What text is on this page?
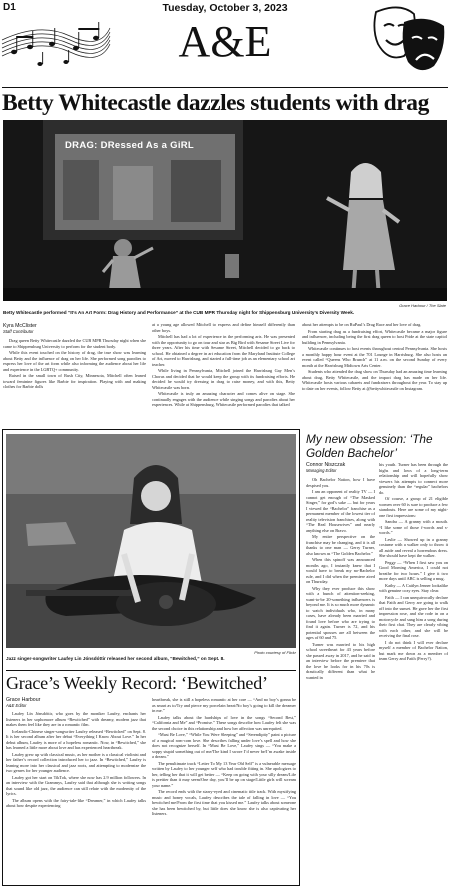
D1	Tuesday, October 3, 2023
A&E
Betty Whitecastle dazzles students with drag
DRAG: DRessed As a GiRL
Grace Harbour / The Slate
Betty Whitecastle performed “It’s An Art Form: Drag History and Performance” at the CUB MPR Thursday night for Shippensburg University’s Diversity Week.
Kyra McClister
Staff Contributor

Drag queen Betty Whitecastle dazzled the CUB MPR Thursday night when she came to Shippensburg University to perform for the student body.

While this event touched on the history of drag, the true show was learning about Betty and the influence of drag on her life. She performed song parodies to express her love of the art form while also informing the audience about her life and experience in the LGBTQ+ community.

Raised in the small town of Rush City, Minnesota, Mitchell often leaned toward feminine figures like Barbie for inspiration. Playing with and making clothes for Barbie dolls

at a young age allowed Mitchell to express and define himself differently than other boys.

Mitchell has had a lot of experience in the performing arts. He was presented with the opportunity to go on tour and star as Big Bird with Sesame Street Live for three years. After his time with Sesame Street, Mitchell decided to go back to school. He obtained a degree in art education from the Maryland Institute College of Art, moved to Harrisburg, and started a full-time job as an elementary school art teacher.

While living in Pennsylvania, Mitchell joined the Harrisburg Gay Men’s Chorus and decided that he would keep the group with its fundraising efforts. He decided he would try dressing in drag to raise money, and with this, Betty Whitecastle was born.

Whitecastle is truly an amazing character and comes alive on stage. She continually engages with the audience while singing songs and parodies about her experiences. While at Shippensburg, Whitecastle performed parodies that talked

about her attempts to be on RuPaul’s Drag Race and her love of drag.

From starting drag as a fundraising effort, Whitecastle became a major figure and influencer, including being the first drag queen to host Pride at the state capitol building in Pennsylvania.

Whitecastle continues to host events throughout central Pennsylvania. She hosts a monthly happy hour event at the 701 Lounge in Harrisburg. She also hosts an event called “Queens Who Brunch” at 11 a.m. on the second Sunday of every month at the Harrisburg Midtown Arts Center.

Students who attended the drag show on Thursday had an amazing time learning about drag, Betty Whitecastle, and the impact drag has made on her life. Whitecastle hosts various cabarets and fundraisers throughout the year. To stay up to date on her events, follow Betty at @bettywhitecastle on Instagram.

Photo courtesy of Flickr
Jazz singer-songwriter Laufey Lin Jónsdóttir released her second album, “Bewitched,” on Sept. 8.
Grace’s Weekly Record: ‘Bewitched’
Grace Harbour
A&E Editor

Laufey Lín Jónsdóttir, who goes by the moniker Laufey, enchants her listeners in her sophomore album “Bewitched” with dreamy, modern jazz that makes them feel like they are in a romantic film.

Icelandic-Chinese singer-songwriter Laufey released “Bewitched” on Sept. 8. It is her second album after her debut “Everything I Know About Love.” In her debut album, Laufey is more of a hopeless romantic. Now, in “Bewitched,” she has learned a little more about love and has experienced heartbreak.

Laufey grew up with classical music, as her mother is a classical violinist and her father’s record collection introduced her to jazz. In “Bewitched,” Laufey is leaning more into her classical and jazz roots, and attempting to modernize the two genres for her younger audience.

Laufey got her start on TikTok, where she now has 2.9 million followers. In an interview with the Grammys, Laufey said that although she is writing songs that sound like old jazz, the audience can still relate with the modernity of the lyrics.

The album opens with the fairy-tale-like “Dreamer,” in which Laufey talks about how despite experiencing

heartbreak, she is still a hopeless romantic at her core — “And no boy’s gonna be as smart as to/Try and pierce my porcelain heart/No boy’s going to kill the dreamer in me.”

Laufey talks about the hardships of love in the songs “Second Best,” “California and Me” and “Promise.” These songs describe how Laufey felt she was the second choice in this relationship and how her affection was unrequited.

“Must Be Love,” “While You Were Sleeping” and “Serendipity” paint a picture of a magical rom-com love. She describes falling under love’s spell and how she does not recognize herself. In “Must Be Love,” Laufey sings — “You make a soppy stupid something out of me/The kind I swore I’d never be/I’m awake inside a dream.”

The penultimate track “Letter To My 13 Year Old Self” is a vulnerable message written by Laufey to her younger self who had trouble fitting in. She apologizes to her, telling her that it will get better — “Keep on going with your silly dream/Life is prettier than it may seem/One day, you’ll be up on stage/Little girls will scream your name.”

The record ends with the starry-eyed and cinematic title track. With mystifying music and honey vocals, Laufey describes the tale of falling in love — “You bewitched me/From the first time that you kissed me.” Laufey talks about someone she has been bewitched by, but little does she know she is also captivating her listeners.

My new obsession: ‘The Golden Bachelor’
Connor Niszczak
Managing Editor

Oh Bachelor Nation, how I have despised you.

I am an opponent of reality TV — I cannot get enough of “The Masked Singer,” for god’s sake — but for years I viewed the “Bachelor” franchise as a permanent member of the lowest tier of reality television franchises, along with “The Real Housewives” and nearly anything else on Bravo.

My entire perspective on the franchise may be changing, and it is all thanks to one man — Gerry Turner, also known as “The Golden Bachelor.”

When this spinoff was announced months ago, I instantly knew that I would have to break my no-Bachelor rule, and I did when the premiere aired on Thursday.

Why they ever produce this show with a bunch of attention-seeking, want-to-be 20-something influencers is beyond me. It is so much more dynamic to watch individuals who, in many cases, have already been married and found love before who are trying to find it again. Turner is 72, and his potential spouses are all between the ages of 60 and 75.

Turner was married to his high school sweetheart for 43 years before she passed away in 2017, and he said in an interview before the premiere that the love he looks for in his 70s is drastically different than what he wanted in

his youth. Turner has been through the highs and lows of a long-term relationship and will hopefully show viewers his attempts to connect more genuinely than the “regular” bachelors do.

Of course, a group of 21 eligible women over 60 is sure to produce a few standouts. Here are some of my night-one first impressions:

Sandra — A granny with a mouth. “I like some of those f-words and s-words.”

Leslie — Showed up in a granny costume with a walker only to throw it all aside and reveal a horrendous dress. She should have kept the walker.

Peggy — “When I first saw you on Good Morning America, I could not breathe for two hours.” I give it two more days until ABC is selling a mug.

Kathy — A Caitlyn Jenner lookalike with genuine cozy eyes. Stay clear.

Faith — I can unequivocally declare that Faith and Gerry are going to walk off into the sunset. He gave her the first impression rose, and she rode in on a motorcycle and sang him a song during their first chat. They are clearly vibing with each other, and she will be receiving the final rose.

I do not think I will ever declare myself a member of Bachelor Nation, but mark me down as a member of team Gerry and Faith (Ferry?).
